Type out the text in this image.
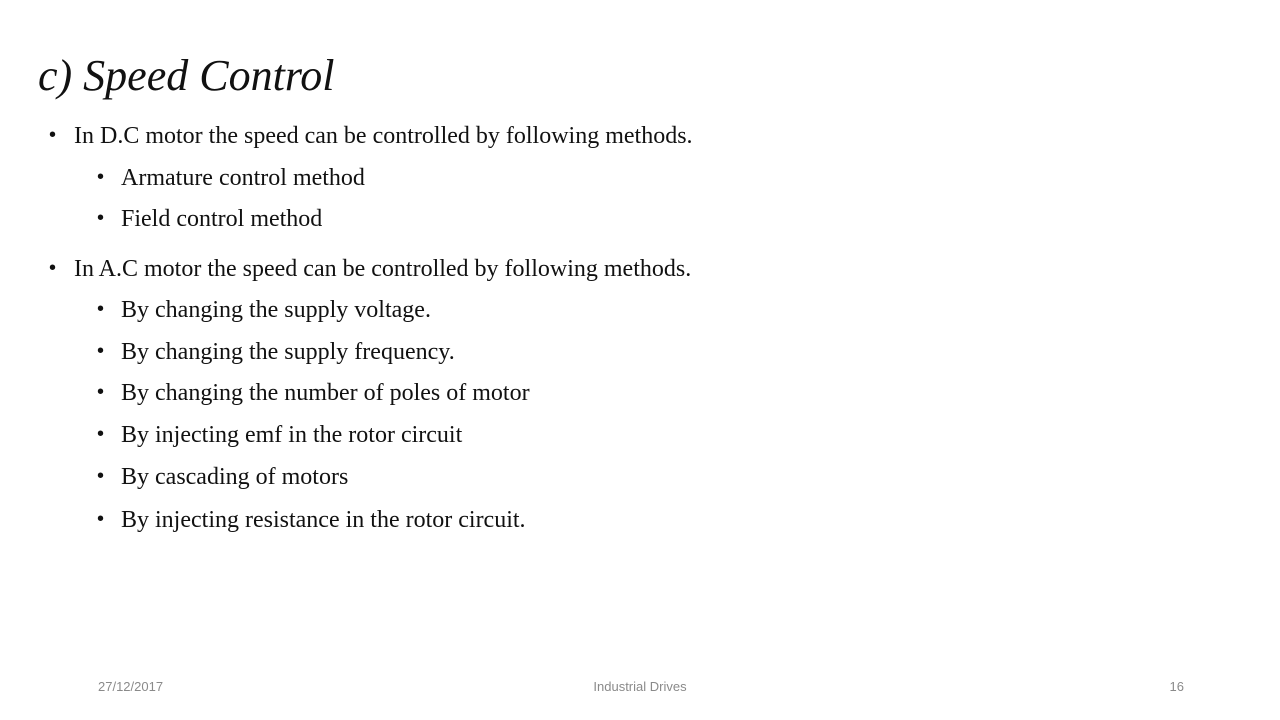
c) Speed Control
• In D.C motor the speed can be controlled by following methods.
• Armature control method
• Field control method
• In A.C motor the speed can be controlled by following methods.
• By changing the supply voltage.
• By changing the supply frequency.
• By changing the number of poles of motor
• By injecting emf in the rotor circuit
• By cascading of motors
• By injecting resistance in the rotor circuit.
27/12/2017	Industrial Drives	16
